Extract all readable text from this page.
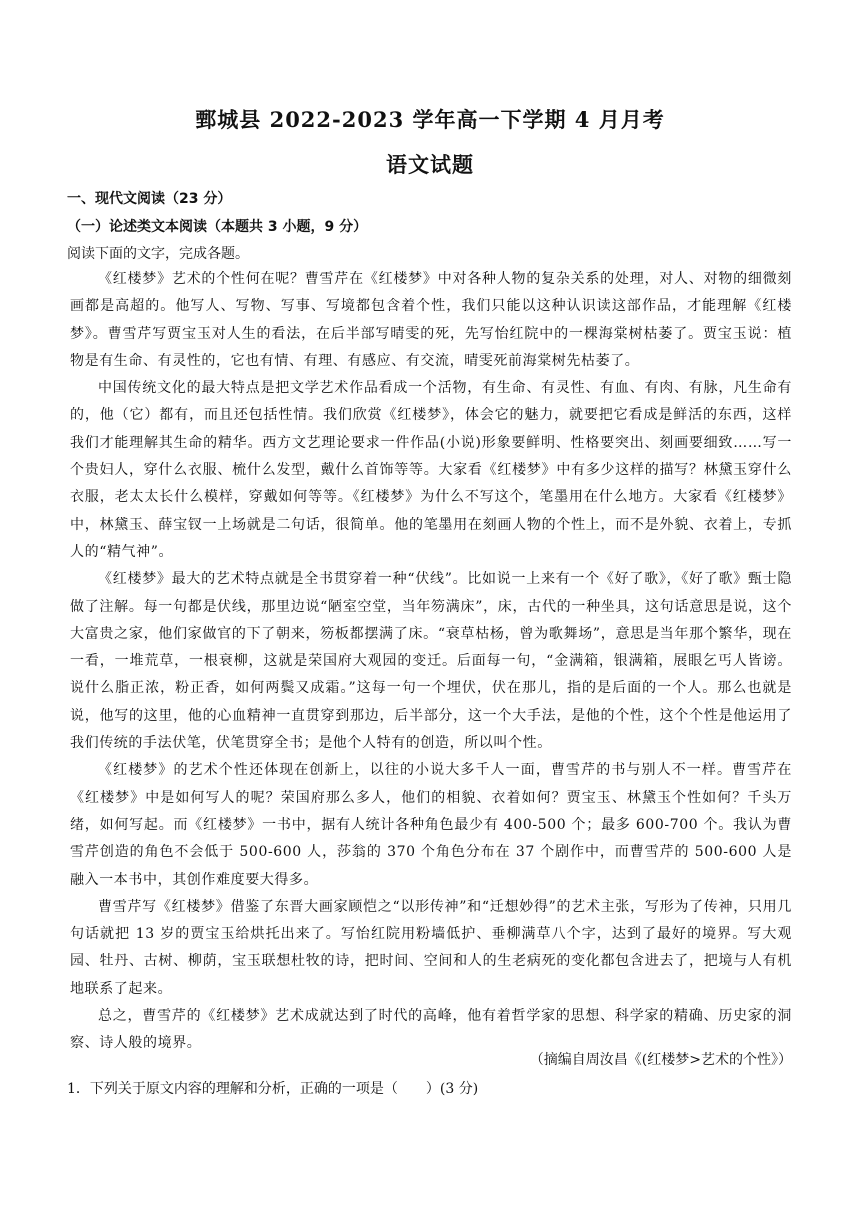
鄄城县 2022-2023 学年高一下学期 4 月月考
语文试题
一、现代文阅读（23 分）
（一）论述类文本阅读（本题共 3 小题，9 分）
阅读下面的文字，完成各题。

《红楼梦》艺术的个性何在呢？曹雪芹在《红楼梦》中对各种人物的复杂关系的处理，对人、对物的细微刻画都是高超的。他写人、写物、写事、写境都包含着个性，我们只能以这种认识读这部作品，才能理解《红楼梦》。曹雪芹写贾宝玉对人生的看法，在后半部写晴雯的死，先写怡红院中的一棵海棠树枯萎了。贾宝玉说：植物是有生命、有灵性的，它也有情、有理、有感应、有交流，晴雯死前海棠树先枯萎了。

中国传统文化的最大特点是把文学艺术作品看成一个活物，有生命、有灵性、有血、有肉、有脉，凡生命有的，他（它）都有，而且还包括性情。我们欣赏《红楼梦》，体会它的魅力，就要把它看成是鲜活的东西，这样我们才能理解其生命的精华。西方文艺理论要求一件作品(小说)形象要鲜明、性格要突出、刻画要细致……写一个贵妇人，穿什么衣服、梳什么发型，戴什么首饰等等。大家看《红楼梦》中有多少这样的描写？林黛玉穿什么衣服，老太太长什么模样，穿戴如何等等。《红楼梦》为什么不写这个，笔墨用在什么地方。大家看《红楼梦》中，林黛玉、薛宝钗一上场就是二句话，很简单。他的笔墨用在刻画人物的个性上，而不是外貌、衣着上，专抓人的“精气神”。

《红楼梦》最大的艺术特点就是全书贯穿着一种“伏线”。比如说一上来有一个《好了歌》，《好了歌》甄士隐做了注解。每一句都是伏线，那里边说“陋室空堂，当年笏满床”，床，古代的一种坐具，这句话意思是说，这个大富贵之家，他们家做官的下了朝来，笏板都摆满了床。“衰草枯杨，曾为歌舞场”，意思是当年那个繁华，现在一看，一堆荒草，一根衰柳，这就是荣国府大观园的变迁。后面每一句，“金满箱，银满箱，展眼乞丐人皆谤。说什么脂正浓，粉正香，如何两鬓又成霜。”这每一句一个埋伏，伏在那儿，指的是后面的一个人。那么也就是说，他写的这里，他的心血精神一直贯穿到那边，后半部分，这一个大手法，是他的个性，这个个性是他运用了我们传统的手法伏笔，伏笔贯穿全书；是他个人特有的创造，所以叫个性。

《红楼梦》的艺术个性还体现在创新上，以往的小说大多千人一面，曹雪芹的书与别人不一样。曹雪芹在《红楼梦》中是如何写人的呢？荣国府那么多人，他们的相貌、衣着如何？贾宝玉、林黛玉个性如何？千头万绪，如何写起。而《红楼梦》一书中，据有人统计各种角色最少有 400-500 个；最多 600-700 个。我认为曹雪芹创造的角色不会低于 500-600 人，莎翁的 370 个角色分布在 37 个剧作中，而曹雪芹的 500-600 人是融入一本书中，其创作难度要大得多。

曹雪芹写《红楼梦》借鉴了东晋大画家顾恺之“以形传神”和“迁想妙得”的艺术主张，写形为了传神，只用几句话就把 13 岁的贾宝玉给烘托出来了。写怡红院用粉墙低护、垂柳满草八个字，达到了最好的境界。写大观园、牡丹、古树、柳荫，宝玉联想杜牧的诗，把时间、空间和人的生老病死的变化都包含进去了，把境与人有机地联系了起来。

总之，曹雪芹的《红楼梦》艺术成就达到了时代的高峰，他有着哲学家的思想、科学家的精确、历史家的洞察、诗人般的境界。

（摘编自周汝昌《(红楼梦>艺术的个性》）
1．下列关于原文内容的理解和分析，正确的一项是（　　）(3 分)
